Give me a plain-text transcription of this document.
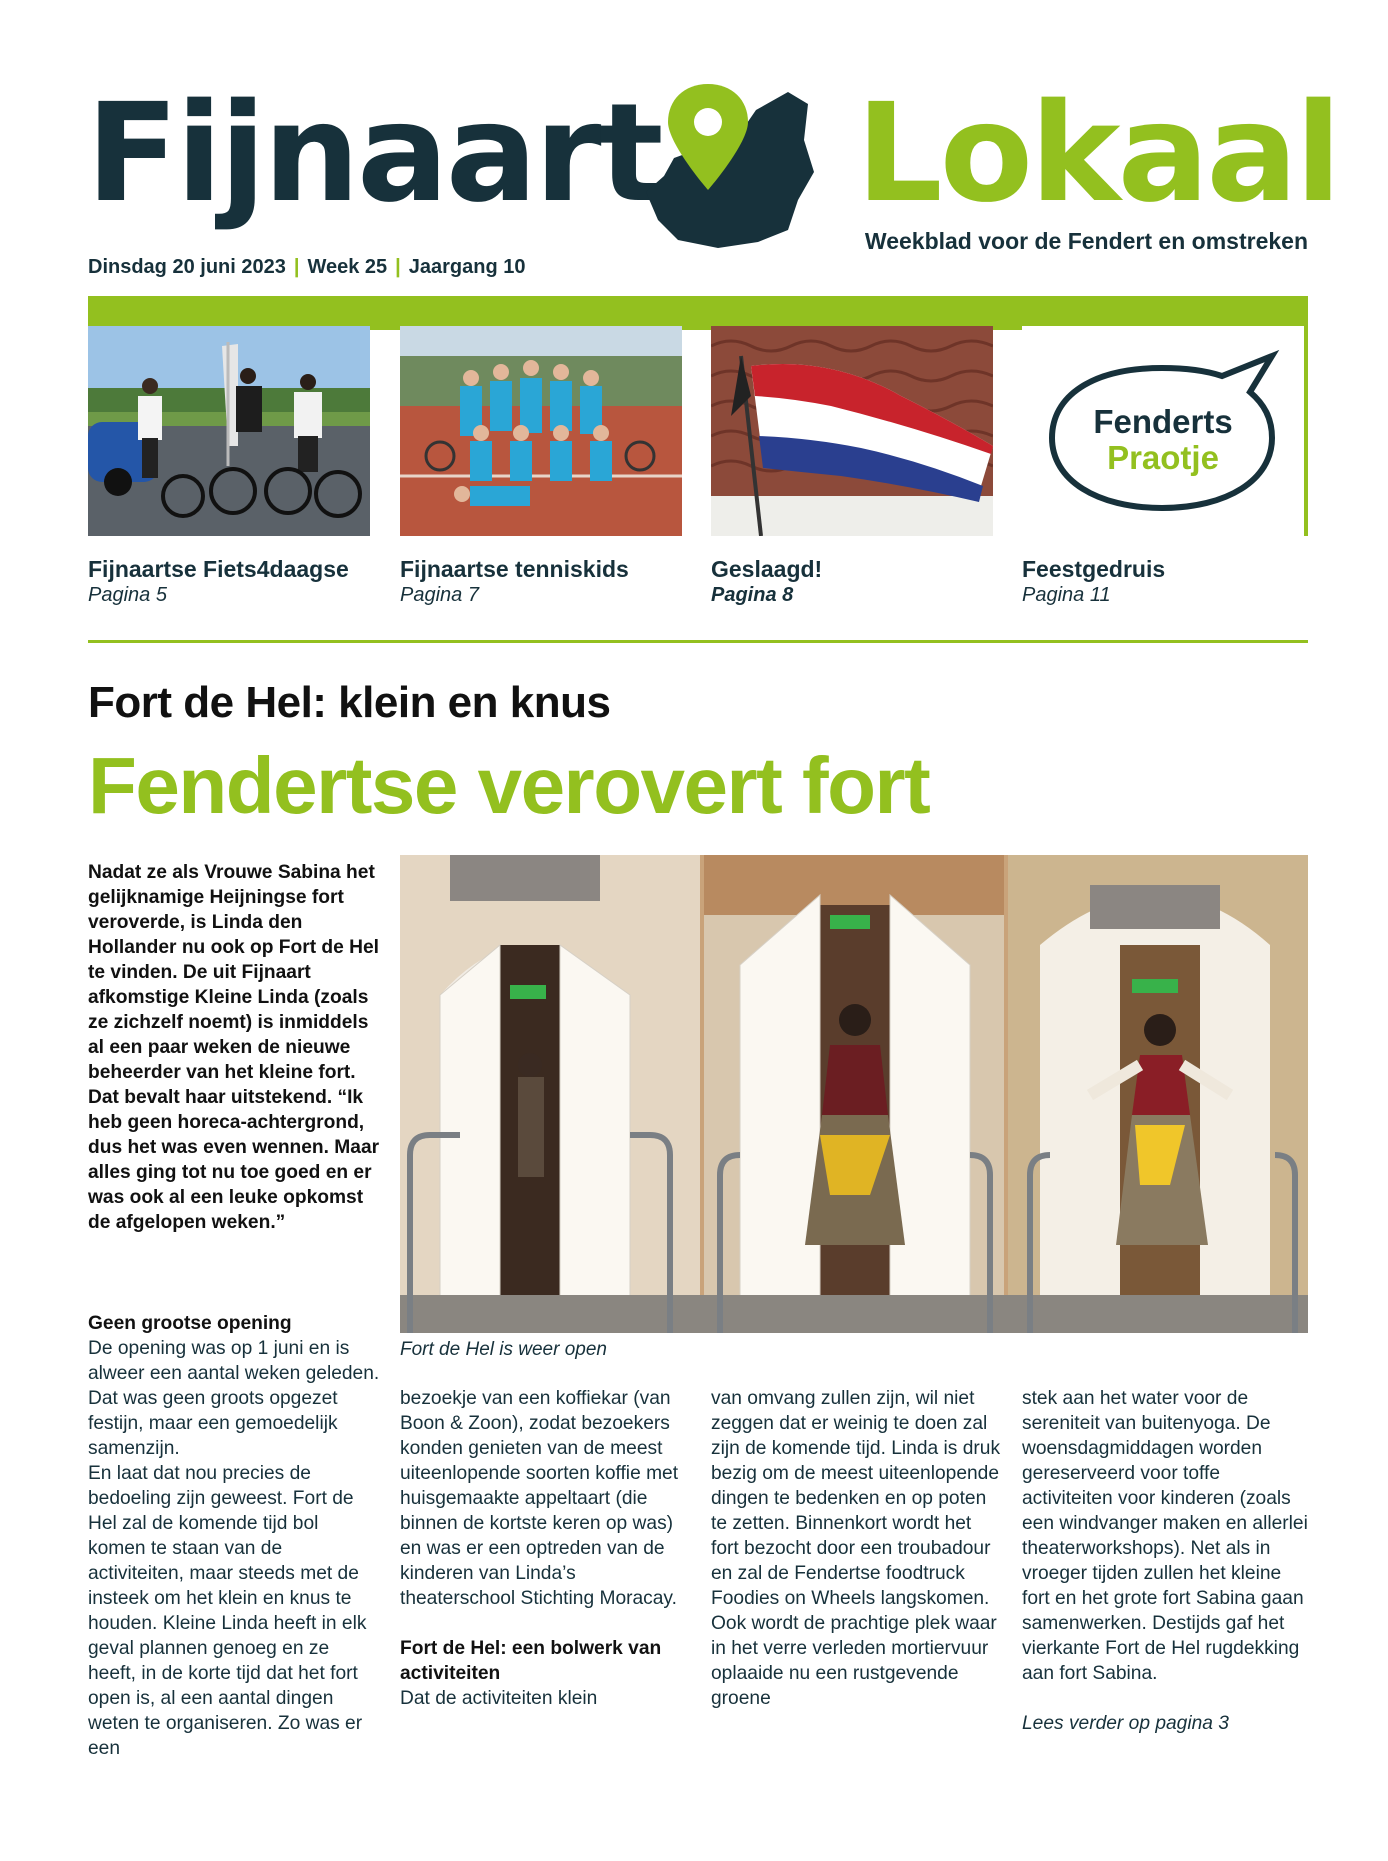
Fijnaart Lokaal
Weekblad voor de Fendert en omstreken
Dinsdag 20 juni 2023 | Week 25 | Jaargang 10
Fenderts
Praotje
Fijnaartse Fiets4daagse
Pagina 5
Fijnaartse tenniskids
Pagina 7
Geslaagd!
Pagina 8
Feestgedruis
Pagina 11
Fort de Hel: klein en knus
Fendertse verovert fort
Nadat ze als Vrouwe Sabina het gelijknamige Heijningse fort veroverde, is Linda den Hollander nu ook op Fort de Hel te vinden. De uit Fijnaart afkomstige Kleine Linda (zoals ze zichzelf noemt) is inmiddels al een paar weken de nieuwe beheerder van het kleine fort. Dat bevalt haar uitstekend. “Ik heb geen horeca-achtergrond, dus het was even wennen. Maar alles ging tot nu toe goed en er was ook al een leuke opkomst de afgelopen weken.”
Fort de Hel is weer open

Geen grootse opening

De opening was op 1 juni en is alweer een aantal weken geleden. Dat was geen groots opgezet festijn, maar een gemoedelijk samenzijn.

En laat dat nou precies de bedoeling zijn geweest. Fort de Hel zal de komende tijd bol komen te staan van de activiteiten, maar steeds met de insteek om het klein en knus te houden. Kleine Linda heeft in elk geval plannen genoeg en ze heeft, in de korte tijd dat het fort open is, al een aantal dingen weten te organiseren. Zo was er een

bezoekje van een koffiekar (van Boon & Zoon), zodat bezoekers konden genieten van de meest uiteenlopende soorten koffie met huisgemaakte appeltaart (die binnen de kortste keren op was) en was er een optreden van de kinderen van Linda’s theaterschool Stichting Moracay.

Fort de Hel: een bolwerk van activiteiten

Dat de activiteiten klein

van omvang zullen zijn, wil niet zeggen dat er weinig te doen zal zijn de komende tijd. Linda is druk bezig om de meest uiteenlopende dingen te bedenken en op poten te zetten. Binnenkort wordt het fort bezocht door een troubadour en zal de Fendertse foodtruck Foodies on Wheels langskomen. Ook wordt de prachtige plek waar in het verre verleden mortiervuur oplaaide nu een rustgevende groene

stek aan het water voor de sereniteit van buitenyoga. De woensdagmiddagen worden gereserveerd voor toffe activiteiten voor kinderen (zoals een windvanger maken en allerlei theaterworkshops). Net als in vroeger tijden zullen het kleine fort en het grote fort Sabina gaan samenwerken. Destijds gaf het vierkante Fort de Hel rugdekking aan fort Sabina.

Lees verder op pagina 3
